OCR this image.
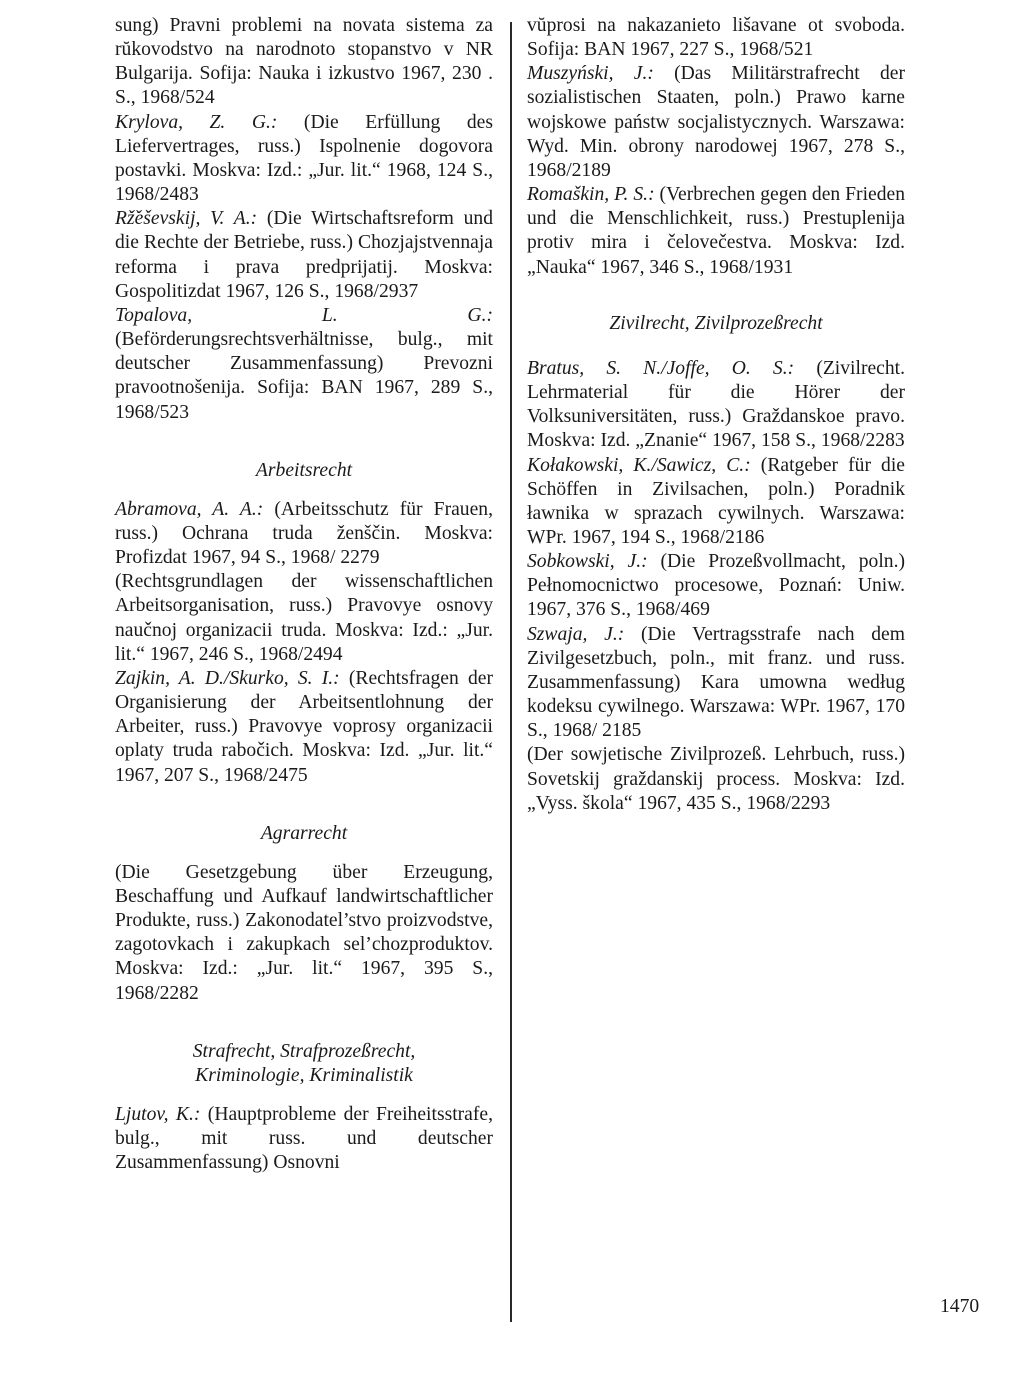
sung) Pravni problemi na novata sistema za rŭkovodstvo na narodnoto stopanstvo v NR Bulgarija. Sofija: Nauka i izkustvo 1967, 230 . S., 1968/524

Krylova, Z. G.: (Die Erfüllung des Liefervertrages, russ.) Ispolnenie dogovora postavki. Moskva: Izd.: „Jur. lit.“ 1968, 124 S., 1968/2483

Rž̌eševskij, V. A.: (Die Wirtschaftsreform und die Rechte der Betriebe, russ.) Chozjajstvennaja reforma i prava predprijatij. Moskva: Gospolitizdat 1967, 126 S., 1968/2937

Topalova, L. G.: (Beförderungsrechtsverhältnisse, bulg., mit deutscher Zusammenfassung) Prevozni pravootnošenija. Sofija: BAN 1967, 289 S., 1968/523

Arbeitsrecht

Abramova, A. A.: (Arbeitsschutz für Frauen, russ.) Ochrana truda ženščin. Moskva: Profizdat 1967, 94 S., 1968/ 2279

(Rechtsgrundlagen der wissenschaftlichen Arbeitsorganisation, russ.) Pravovye osnovy naučnoj organizacii truda. Moskva: Izd.: „Jur. lit.“ 1967, 246 S., 1968/2494

Zajkin, A. D./Skurko, S. I.: (Rechtsfragen der Organisierung der Arbeitsentlohnung der Arbeiter, russ.) Pravovye voprosy organizacii oplaty truda rabočich. Moskva: Izd. „Jur. lit.“ 1967, 207 S., 1968/2475

Agrarrecht

(Die Gesetzgebung über Erzeugung, Beschaffung und Aufkauf landwirtschaftlicher Produkte, russ.) Zakonodatel’stvo proizvodstve, zagotovkach i zakupkach sel’chozproduktov. Moskva: Izd.: „Jur. lit.“ 1967, 395 S., 1968/2282

Strafrecht, Strafprozeßrecht,
Kriminologie, Kriminalistik

Ljutov, K.: (Hauptprobleme der Freiheitsstrafe, bulg., mit russ. und deutscher Zusammenfassung) Osnovni

vŭprosi na nakazanieto lišavane ot svoboda. Sofija: BAN 1967, 227 S., 1968/521

Muszyński, J.: (Das Militärstrafrecht der sozialistischen Staaten, poln.) Prawo karne wojskowe państw socjalistycznych. Warszawa: Wyd. Min. obrony narodowej 1967, 278 S., 1968/2189

Romaškin, P. S.: (Verbrechen gegen den Frieden und die Menschlichkeit, russ.) Prestuplenija protiv mira i čelovečestva. Moskva: Izd. „Nauka“ 1967, 346 S., 1968/1931

Zivilrecht, Zivilprozeßrecht

Bratus, S. N./Joffe, O. S.: (Zivilrecht. Lehrmaterial für die Hörer der Volksuniversitäten, russ.) Graždanskoe pravo. Moskva: Izd. „Znanie“ 1967, 158 S., 1968/2283

Kołakowski, K./Sawicz, C.: (Ratgeber für die Schöffen in Zivilsachen, poln.) Poradnik ławnika w sprazach cywilnych. Warszawa: WPr. 1967, 194 S., 1968/2186

Sobkowski, J.: (Die Prozeßvollmacht, poln.) Pełnomocnictwo procesowe, Poznań: Uniw. 1967, 376 S., 1968/469

Szwaja, J.: (Die Vertragsstrafe nach dem Zivilgesetzbuch, poln., mit franz. und russ. Zusammenfassung) Kara umowna według kodeksu cywilnego. Warszawa: WPr. 1967, 170 S., 1968/ 2185

(Der sowjetische Zivilprozeß. Lehrbuch, russ.) Sovetskij graždanskij process. Moskva: Izd. „Vyss. škola“ 1967, 435 S., 1968/2293

1470
